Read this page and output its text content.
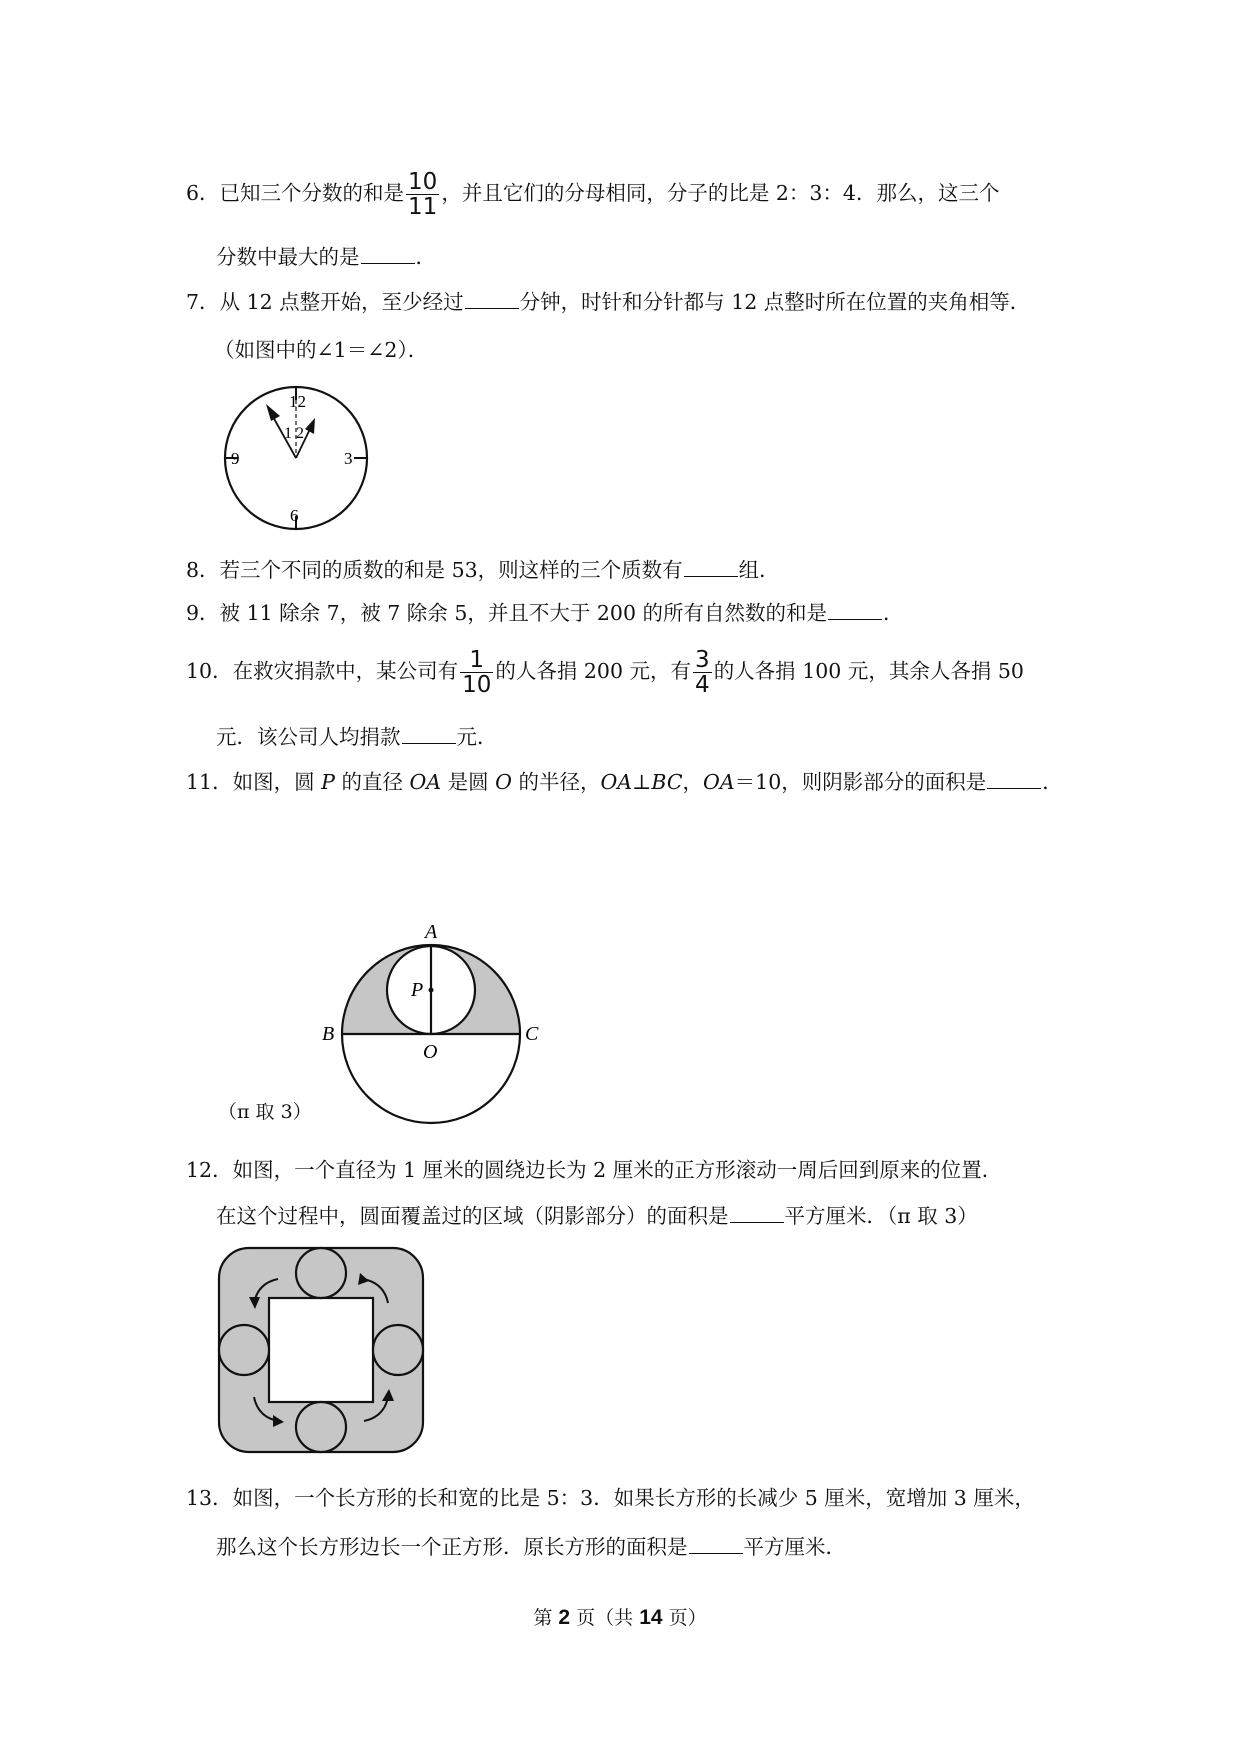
6．已知三个分数的和是 $\frac{10}{11}$ ，并且它们的分母相同，分子的比是 2：3：4．那么，这三个
分数中最大的是	．
7．从 12 点整开始，至少经过	分钟，时针和分针都与 12 点整时所在位置的夹角相等．
（如图中的∠1＝∠2）．
12
3
6
9
1 2
8．若三个不同的质数的和是 53，则这样的三个质数有	组．
9．被 11 除余 7，被 7 除余 5，并且不大于 200 的所有自然数的和是	．
10．在救灾捐款中，某公司有 $\frac{1}{10}$ 的人各捐 200 元，有 $\frac{3}{4}$ 的人各捐 100 元，其余人各捐 50
元．该公司人均捐款	元．
11．如图，圆 P 的直径 OA 是圆 O 的半径，OA⊥BC，OA＝10，则阴影部分的面积是	．
A
P
B
O
C
（π 取 3）
12．如图，一个直径为 1 厘米的圆绕边长为 2 厘米的正方形滚动一周后回到原来的位置．
在这个过程中，圆面覆盖过的区域（阴影部分）的面积是	平方厘米．（π 取 3）
13．如图，一个长方形的长和宽的比是 5：3．如果长方形的长减少 5 厘米，宽增加 3 厘米，
那么这个长方形边长一个正方形．原长方形的面积是	平方厘米．
第 2 页（共 14 页）
